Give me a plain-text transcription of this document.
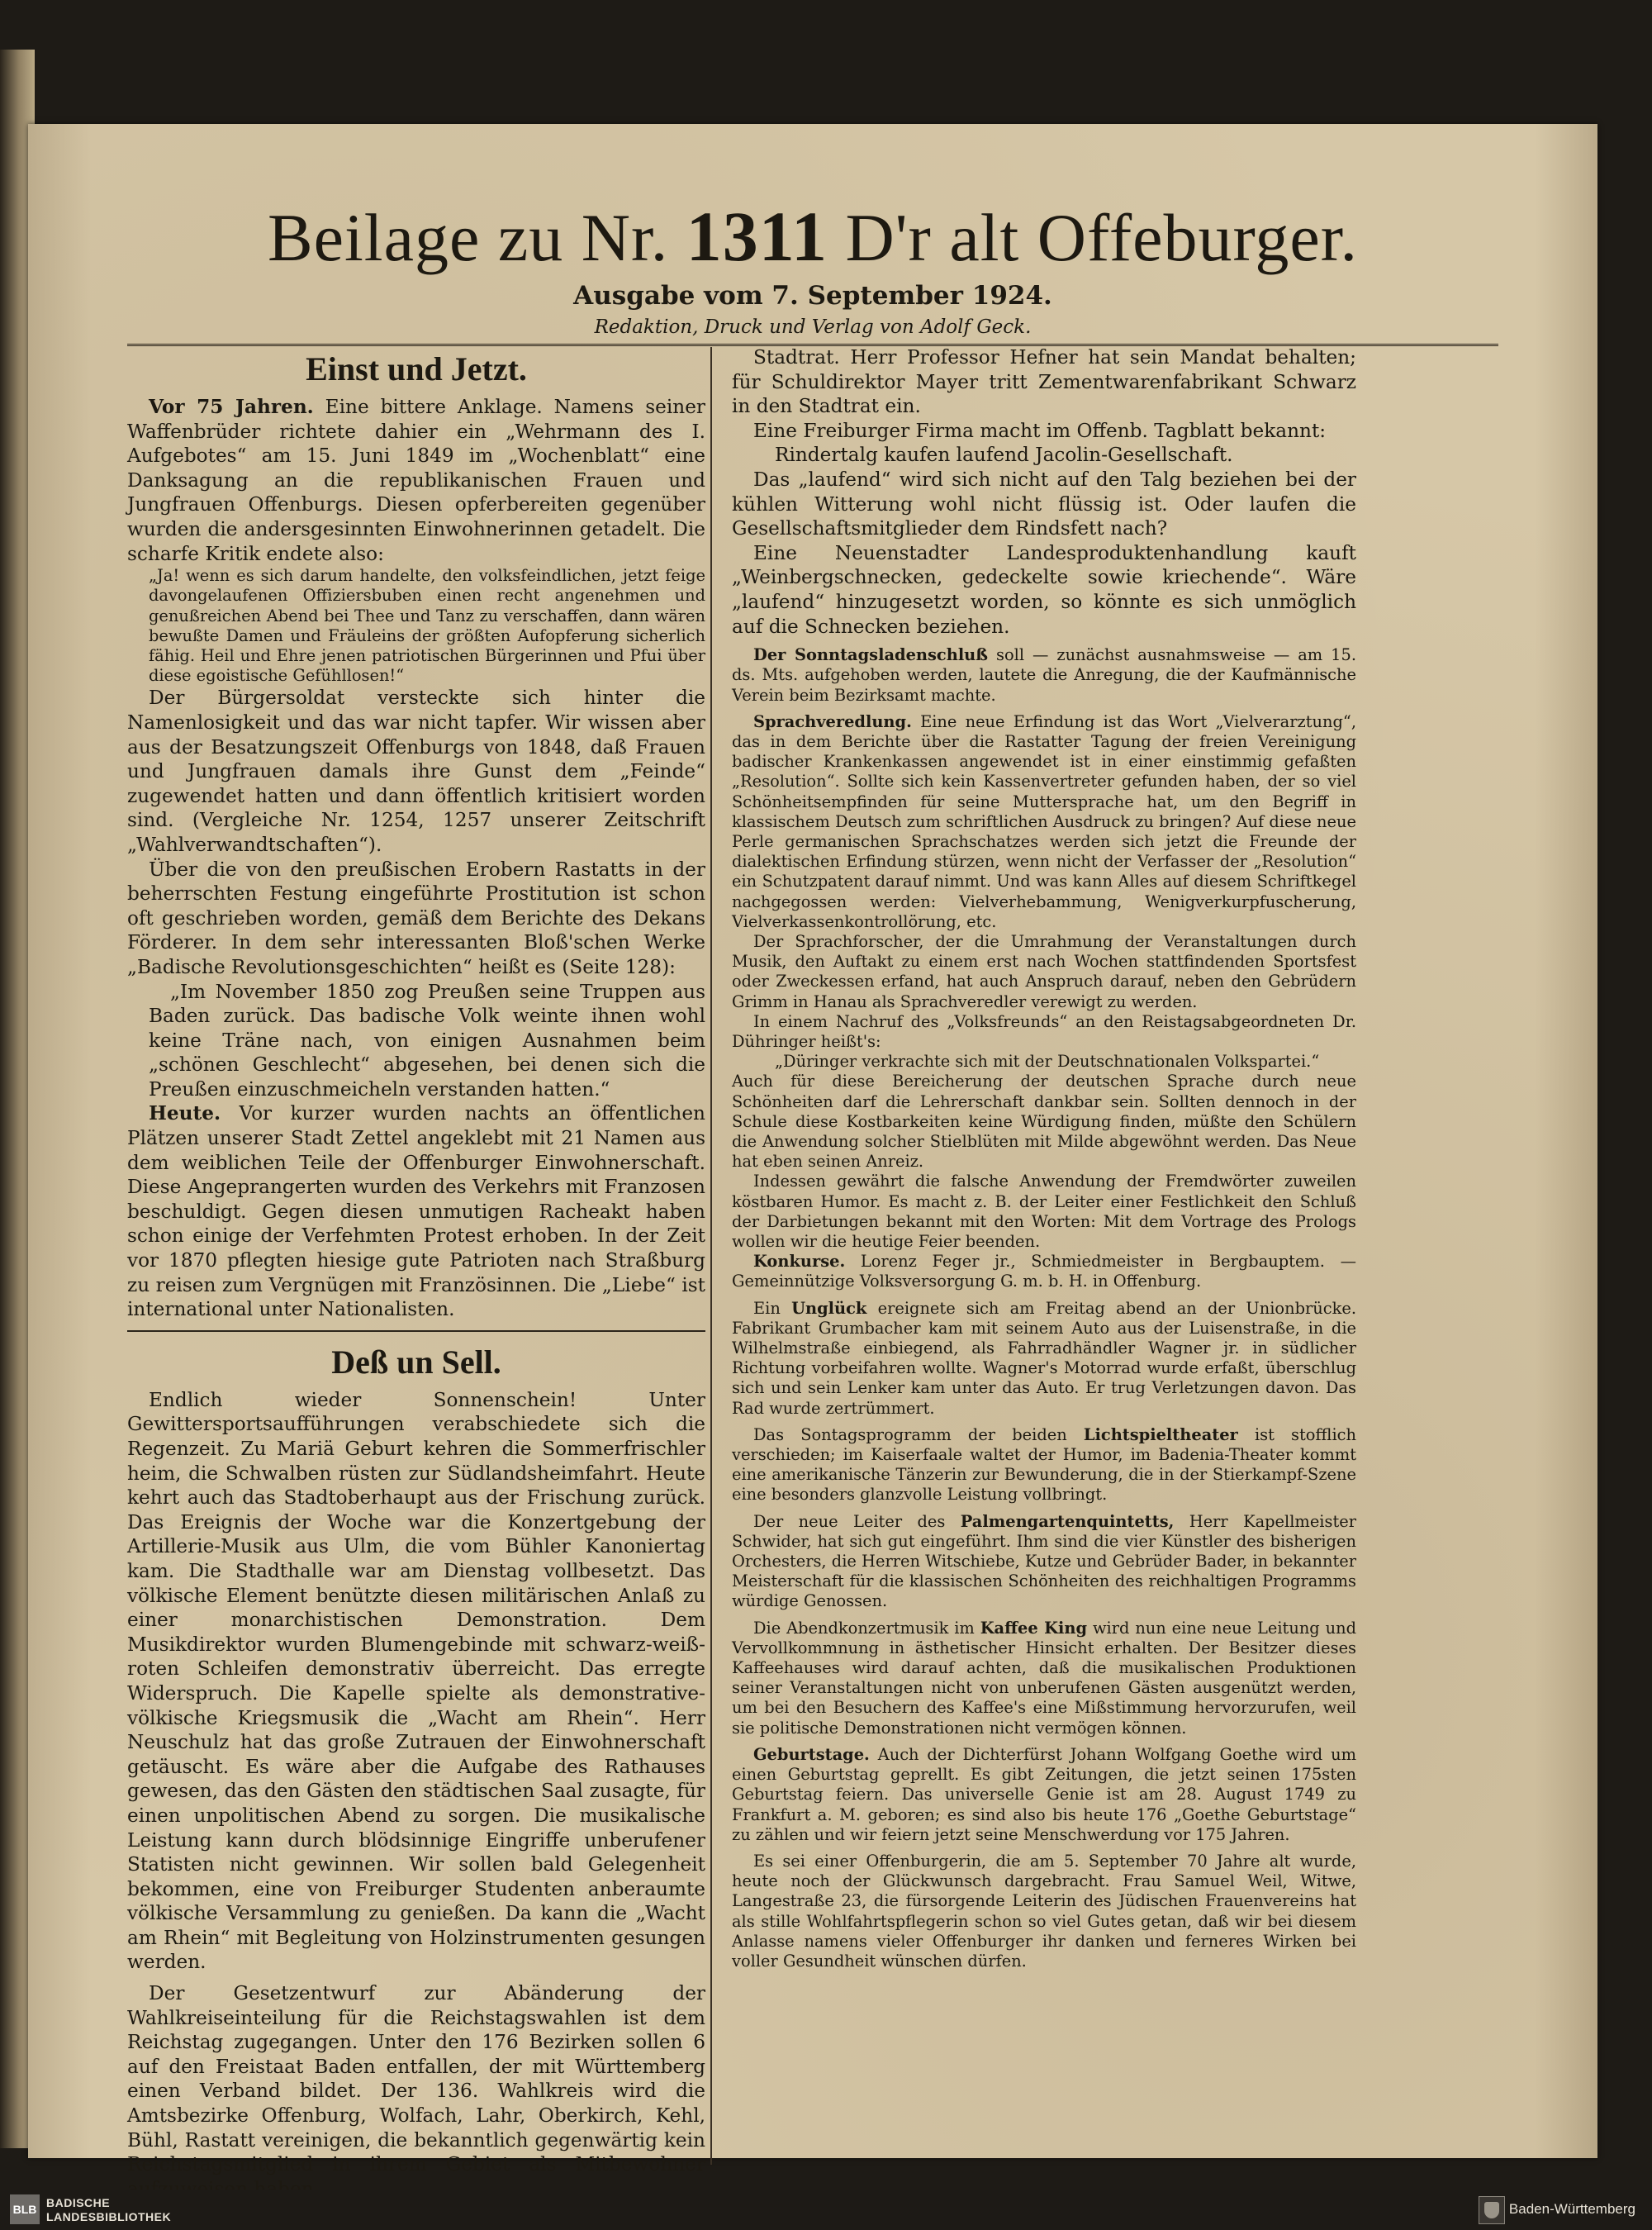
Beilage zu Nr. 1311 D'r alt Offeburger.
Ausgabe vom 7. September 1924.
Redaktion, Druck und Verlag von Adolf Geck.
Einst und Jetzt.

Vor 75 Jahren. Eine bittere Anklage. Namens seiner Waffenbrüder richtete dahier ein „Wehrmann des I. Aufgebotes“ am 15. Juni 1849 im „Wochenblatt“ eine Danksagung an die republikanischen Frauen und Jungfrauen Offenburgs. Diesen opferbereiten gegenüber wurden die andersgesinnten Einwohnerinnen getadelt. Die scharfe Kritik endete also:

„Ja! wenn es sich darum handelte, den volksfeindlichen, jetzt feige davongelaufenen Offiziersbuben einen recht angenehmen und genußreichen Abend bei Thee und Tanz zu verschaffen, dann wären bewußte Damen und Fräuleins der größten Aufopferung sicherlich fähig. Heil und Ehre jenen patriotischen Bürgerinnen und Pfui über diese egoistische Gefühllosen!“

Der Bürgersoldat versteckte sich hinter die Namenlosigkeit und das war nicht tapfer. Wir wissen aber aus der Besatzungszeit Offenburgs von 1848, daß Frauen und Jungfrauen damals ihre Gunst dem „Feinde“ zugewendet hatten und dann öffentlich kritisiert worden sind. (Vergleiche Nr. 1254, 1257 unserer Zeitschrift „Wahlverwandtschaften“).

Über die von den preußischen Erobern Rastatts in der beherrschten Festung eingeführte Prostitution ist schon oft geschrieben worden, gemäß dem Berichte des Dekans Förderer. In dem sehr interessanten Bloß'schen Werke „Badische Revolutionsgeschichten“ heißt es (Seite 128):

„Im November 1850 zog Preußen seine Truppen aus Baden zurück. Das badische Volk weinte ihnen wohl keine Träne nach, von einigen Ausnahmen beim „schönen Geschlecht“ abgesehen, bei denen sich die Preußen einzuschmeicheln verstanden hatten.“

Heute. Vor kurzer wurden nachts an öffentlichen Plätzen unserer Stadt Zettel angeklebt mit 21 Namen aus dem weiblichen Teile der Offenburger Einwohnerschaft. Diese Angeprangerten wurden des Verkehrs mit Franzosen beschuldigt. Gegen diesen unmutigen Racheakt haben schon einige der Verfehmten Protest erhoben. In der Zeit vor 1870 pflegten hiesige gute Patrioten nach Straßburg zu reisen zum Vergnügen mit Französinnen. Die „Liebe“ ist international unter Nationalisten.

Deß un Sell.

Endlich wieder Sonnenschein! Unter Gewittersportsaufführungen verabschiedete sich die Regenzeit. Zu Mariä Geburt kehren die Sommerfrischler heim, die Schwalben rüsten zur Südlandsheimfahrt. Heute kehrt auch das Stadtoberhaupt aus der Frischung zurück. Das Ereignis der Woche war die Konzertgebung der Artillerie-Musik aus Ulm, die vom Bühler Kanoniertag kam. Die Stadthalle war am Dienstag vollbesetzt. Das völkische Element benützte diesen militärischen Anlaß zu einer monarchistischen Demonstration. Dem Musikdirektor wurden Blumengebinde mit schwarz-weiß-roten Schleifen demonstrativ überreicht. Das erregte Widerspruch. Die Kapelle spielte als demonstrative-völkische Kriegsmusik die „Wacht am Rhein“. Herr Neuschulz hat das große Zutrauen der Einwohnerschaft getäuscht. Es wäre aber die Aufgabe des Rathauses gewesen, das den Gästen den städtischen Saal zusagte, für einen unpolitischen Abend zu sorgen. Die musikalische Leistung kann durch blödsinnige Eingriffe unberufener Statisten nicht gewinnen. Wir sollen bald Gelegenheit bekommen, eine von Freiburger Studenten anberaumte völkische Versammlung zu genießen. Da kann die „Wacht am Rhein“ mit Begleitung von Holzinstrumenten gesungen werden.

Der Gesetzentwurf zur Abänderung der Wahlkreiseinteilung für die Reichstagswahlen ist dem Reichstag zugegangen. Unter den 176 Bezirken sollen 6 auf den Freistaat Baden entfallen, der mit Württemberg einen Verband bildet. Der 136. Wahlkreis wird die Amtsbezirke Offenburg, Wolfach, Lahr, Oberkirch, Kehl, Bühl, Rastatt vereinigen, die bekanntlich gegenwärtig kein Reichstagsmitglied in ihrem Gebiet als Mitbewohner

Stadtrat. Herr Professor Hefner hat sein Mandat behalten; für Schuldirektor Mayer tritt Zementwarenfabrikant Schwarz in den Stadtrat ein.

Eine Freiburger Firma macht im Offenb. Tagblatt bekannt:

Rindertalg kaufen laufend Jacolin-Gesellschaft.

Das „laufend“ wird sich nicht auf den Talg beziehen bei der kühlen Witterung wohl nicht flüssig ist. Oder laufen die Gesellschaftsmitglieder dem Rindsfett nach?

Eine Neuenstadter Landesproduktenhandlung kauft „Weinbergschnecken, gedeckelte sowie kriechende“. Wäre „laufend“ hinzugesetzt worden, so könnte es sich unmöglich auf die Schnecken beziehen.

Der Sonntagsladenschluß soll — zunächst ausnahmsweise — am 15. ds. Mts. aufgehoben werden, lautete die Anregung, die der Kaufmännische Verein beim Bezirksamt machte.

Sprachveredlung. Eine neue Erfindung ist das Wort „Vielverarztung“, das in dem Berichte über die Rastatter Tagung der freien Vereinigung badischer Krankenkassen angewendet ist in einer einstimmig gefaßten „Resolution“. Sollte sich kein Kassenvertreter gefunden haben, der so viel Schönheitsempfinden für seine Muttersprache hat, um den Begriff in klassischem Deutsch zum schriftlichen Ausdruck zu bringen? Auf diese neue Perle germanischen Sprachschatzes werden sich jetzt die Freunde der dialektischen Erfindung stürzen, wenn nicht der Verfasser der „Resolution“ ein Schutzpatent darauf nimmt. Und was kann Alles auf diesem Schriftkegel nachgegossen werden: Vielverhebammung, Wenigverkurpfuscherung, Vielverkassenkontrollörung, etc.

Der Sprachforscher, der die Umrahmung der Veranstaltungen durch Musik, den Auftakt zu einem erst nach Wochen stattfindenden Sportsfest oder Zweckessen erfand, hat auch Anspruch darauf, neben den Gebrüdern Grimm in Hanau als Sprachveredler verewigt zu werden.

In einem Nachruf des „Volksfreunds“ an den Reistagsabgeordneten Dr. Dühringer heißt's:

„Düringer verkrachte sich mit der Deutschnationalen Volkspartei.“

Auch für diese Bereicherung der deutschen Sprache durch neue Schönheiten darf die Lehrerschaft dankbar sein. Sollten dennoch in der Schule diese Kostbarkeiten keine Würdigung finden, müßte den Schülern die Anwendung solcher Stielblüten mit Milde abgewöhnt werden. Das Neue hat eben seinen Anreiz.

Indessen gewährt die falsche Anwendung der Fremdwörter zuweilen köstbaren Humor. Es macht z. B. der Leiter einer Festlichkeit den Schluß der Darbietungen bekannt mit den Worten: Mit dem Vortrage des Prologs wollen wir die heutige Feier beenden.

Konkurse. Lorenz Feger jr., Schmiedmeister in Bergbauptem. — Gemeinnützige Volksversorgung G. m. b. H. in Offenburg.

Ein Unglück ereignete sich am Freitag abend an der Unionbrücke. Fabrikant Grumbacher kam mit seinem Auto aus der Luisenstraße, in die Wilhelmstraße einbiegend, als Fahrradhändler Wagner jr. in südlicher Richtung vorbeifahren wollte. Wagner's Motorrad wurde erfaßt, überschlug sich und sein Lenker kam unter das Auto. Er trug Verletzungen davon. Das Rad wurde zertrümmert.

Das Sontagsprogramm der beiden Lichtspieltheater ist stofflich verschieden; im Kaiserfaale waltet der Humor, im Badenia-Theater kommt eine amerikanische Tänzerin zur Bewunderung, die in der Stierkampf-Szene eine besonders glanzvolle Leistung vollbringt.

Der neue Leiter des Palmengartenquintetts, Herr Kapellmeister Schwider, hat sich gut eingeführt. Ihm sind die vier Künstler des bisherigen Orchesters, die Herren Witschiebe, Kutze und Gebrüder Bader, in bekannter Meisterschaft für die klassischen Schönheiten des reichhaltigen Programms würdige Genossen.

Die Abendkonzertmusik im Kaffee King wird nun eine neue Leitung und Vervollkommnung in ästhetischer Hinsicht erhalten. Der Besitzer dieses Kaffeehauses wird darauf achten, daß die musikalischen Produktionen seiner Veranstaltungen nicht von unberufenen Gästen ausgenützt werden, um bei den Besuchern des Kaffee's eine Mißstimmung hervorzurufen, weil sie politische Demonstrationen nicht vermögen können.

Geburtstage. Auch der Dichterfürst Johann Wolfgang Goethe wird um einen Geburtstag geprellt. Es gibt Zeitungen, die jetzt seinen 175sten Geburtstag feiern. Das universelle Genie ist am 28. August 1749 zu Frankfurt a. M. geboren; es sind also bis heute 176 „Goethe Geburtstage“ zu zählen und wir feiern jetzt seine Menschwerdung vor 175 Jahren.

Es sei einer Offenburgerin, die am 5. September 70 Jahre alt wurde, heute noch der Glückwunsch dargebracht. Frau Samuel Weil, Witwe, Langestraße 23, die fürsorgende Leiterin des Jüdischen Frauenvereins hat als stille Wohlfahrtspflegerin schon so viel Gutes getan, daß wir bei diesem Anlasse namens vieler Offenburger ihr danken und ferneres Wirken bei voller Gesundheit wünschen dürfen.

BLB BADISCHE
LANDESBIBLIOTHEK	Baden-Württemberg
